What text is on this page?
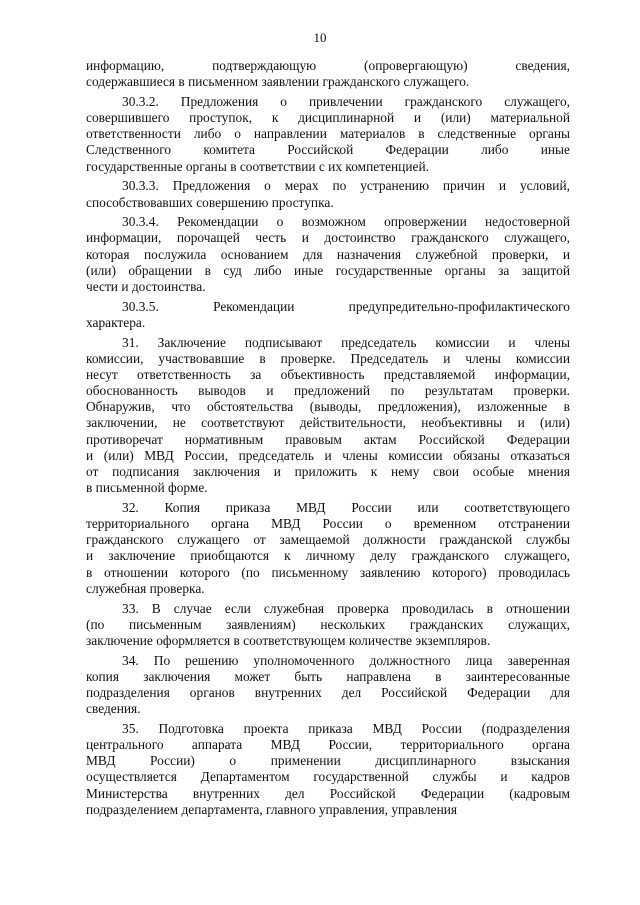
10
информацию, подтверждающую (опровергающую) сведения,
содержавшиеся в письменном заявлении гражданского служащего.
30.3.2. Предложения о привлечении гражданского служащего,
совершившего проступок, к дисциплинарной и (или) материальной
ответственности либо о направлении материалов в следственные органы
Следственного комитета Российской Федерации либо иные
государственные органы в соответствии с их компетенцией.
30.3.3. Предложения о мерах по устранению причин и условий,
способствовавших совершению проступка.
30.3.4. Рекомендации о возможном опровержении недостоверной
информации, порочащей честь и достоинство гражданского служащего,
которая послужила основанием для назначения служебной проверки, и
(или) обращении в суд либо иные государственные органы за защитой
чести и достоинства.
30.3.5. Рекомендации предупредительно-профилактического
характера.
31. Заключение подписывают председатель комиссии и члены
комиссии, участвовавшие в проверке. Председатель и члены комиссии
несут ответственность за объективность представляемой информации,
обоснованность выводов и предложений по результатам проверки.
Обнаружив, что обстоятельства (выводы, предложения), изложенные в
заключении, не соответствуют действительности, необъективны и (или)
противоречат нормативным правовым актам Российской Федерации
и (или) МВД России, председатель и члены комиссии обязаны отказаться
от подписания заключения и приложить к нему свои особые мнения
в письменной форме.
32. Копия приказа МВД России или соответствующего
территориального органа МВД России о временном отстранении
гражданского служащего от замещаемой должности гражданской службы
и заключение приобщаются к личному делу гражданского служащего,
в отношении которого (по письменному заявлению которого) проводилась
служебная проверка.
33. В случае если служебная проверка проводилась в отношении
(по письменным заявлениям) нескольких гражданских служащих,
заключение оформляется в соответствующем количестве экземпляров.
34. По решению уполномоченного должностного лица заверенная
копия заключения может быть направлена в заинтересованные
подразделения органов внутренних дел Российской Федерации для
сведения.
35. Подготовка проекта приказа МВД России (подразделения
центрального аппарата МВД России, территориального органа
МВД России) о применении дисциплинарного взыскания
осуществляется Департаментом государственной службы и кадров
Министерства внутренних дел Российской Федерации (кадровым
подразделением департамента, главного управления, управления
